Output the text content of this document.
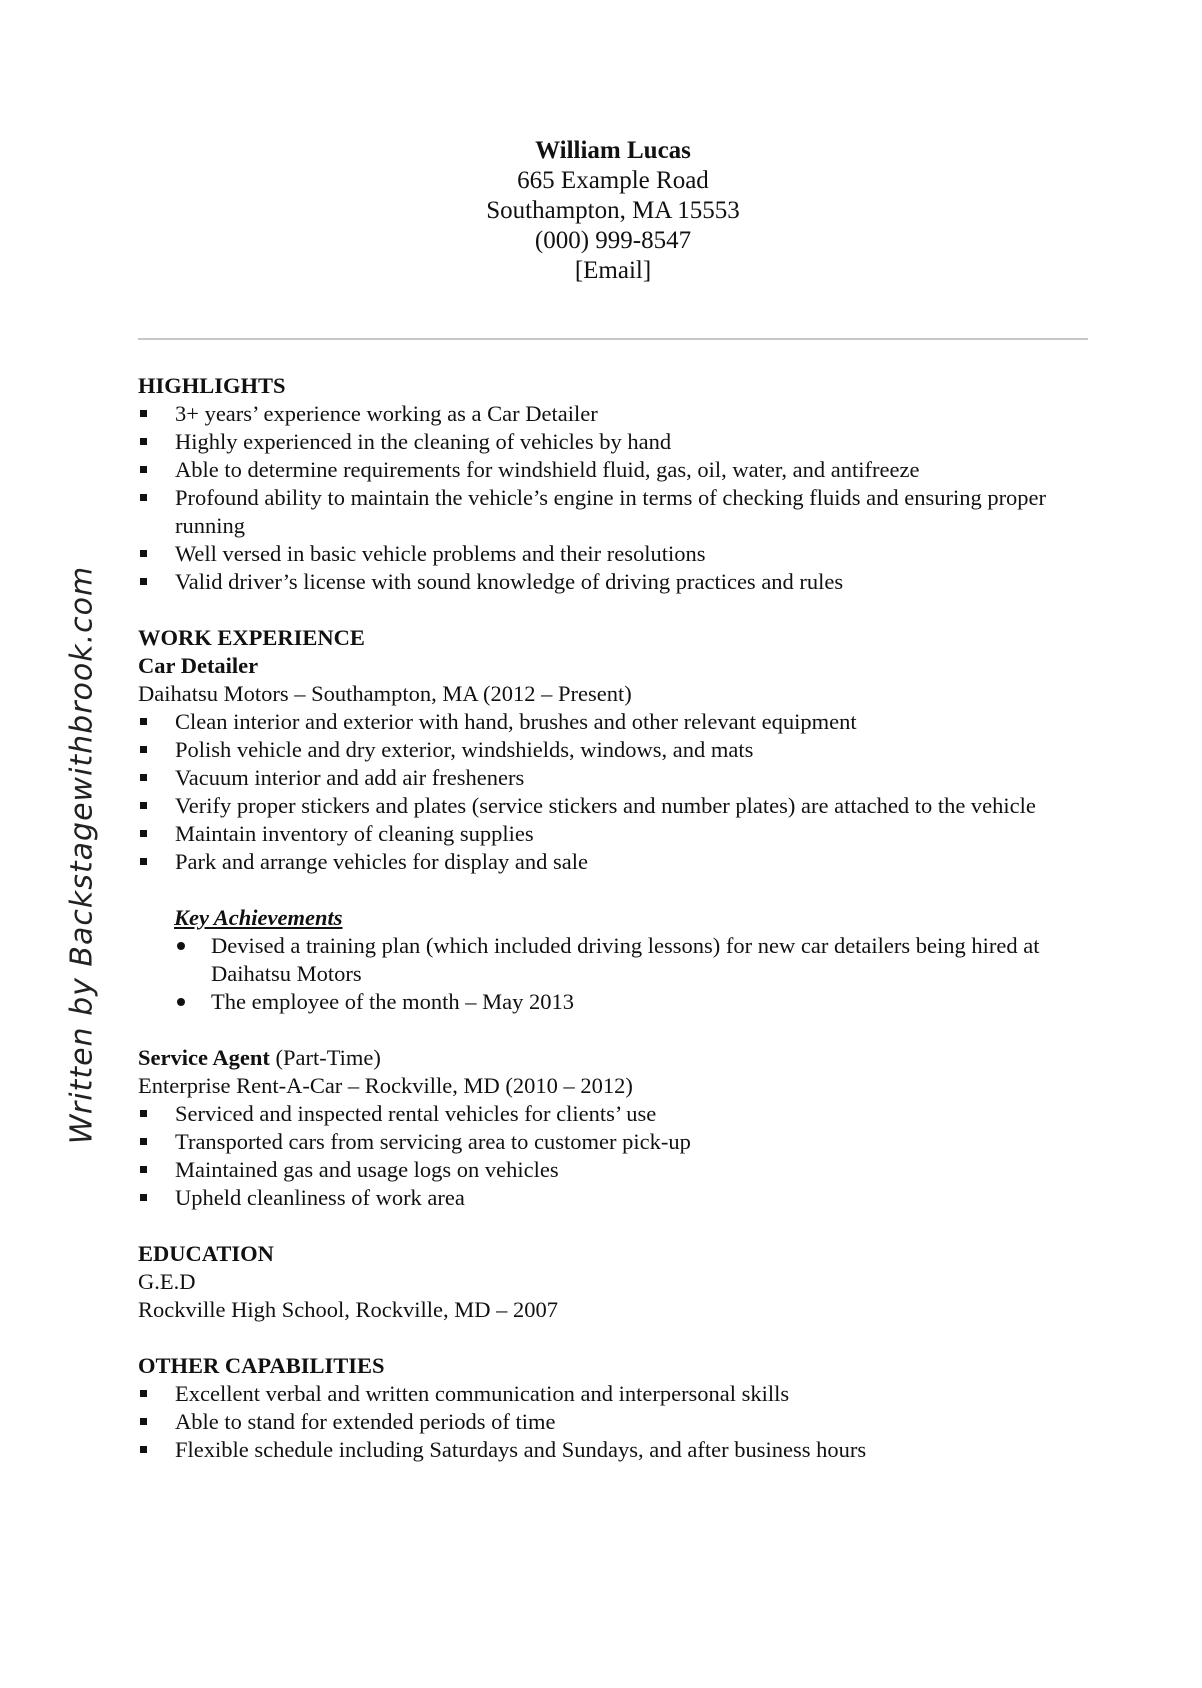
Written by Backstagewithbrook.com
William Lucas
665 Example Road
Southampton, MA 15553
(000) 999-8547
[Email]
HIGHLIGHTS
3+ years’ experience working as a Car Detailer
Highly experienced in the cleaning of vehicles by hand
Able to determine requirements for windshield fluid, gas, oil, water, and antifreeze
Profound ability to maintain the vehicle’s engine in terms of checking fluids and ensuring proper running
Well versed in basic vehicle problems and their resolutions
Valid driver’s license with sound knowledge of driving practices and rules
WORK EXPERIENCE
Car Detailer
Daihatsu Motors – Southampton, MA (2012 – Present)
Clean interior and exterior with hand, brushes and other relevant equipment
Polish vehicle and dry exterior, windshields, windows, and mats
Vacuum interior and add air fresheners
Verify proper stickers and plates (service stickers and number plates) are attached to the vehicle
Maintain inventory of cleaning supplies
Park and arrange vehicles for display and sale
Key Achievements
Devised a training plan (which included driving lessons) for new car detailers being hired at Daihatsu Motors
The employee of the month – May 2013
Service Agent (Part-Time)
Enterprise Rent-A-Car – Rockville, MD (2010 – 2012)
Serviced and inspected rental vehicles for clients’ use
Transported cars from servicing area to customer pick-up
Maintained gas and usage logs on vehicles
Upheld cleanliness of work area
EDUCATION
G.E.D
Rockville High School, Rockville, MD – 2007
OTHER CAPABILITIES
Excellent verbal and written communication and interpersonal skills
Able to stand for extended periods of time
Flexible schedule including Saturdays and Sundays, and after business hours
